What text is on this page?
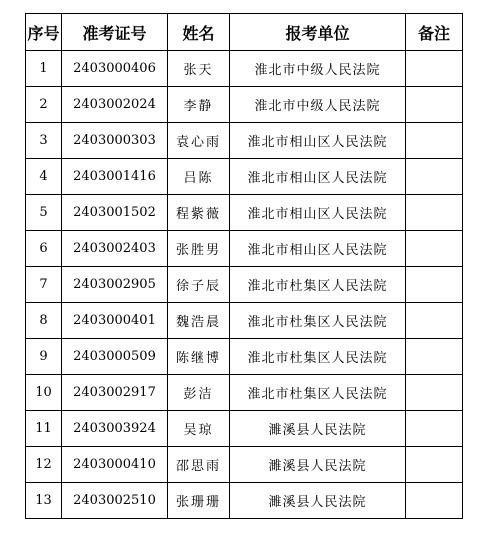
序号	准考证号	姓名	报考单位	备注
1	2403000406	张天	淮北市中级人民法院	
2	2403002024	李静	淮北市中级人民法院	
3	2403000303	袁心雨	淮北市相山区人民法院	
4	2403001416	吕陈	淮北市相山区人民法院	
5	2403001502	程紫薇	淮北市相山区人民法院	
6	2403002403	张胜男	淮北市相山区人民法院	
7	2403002905	徐子辰	淮北市杜集区人民法院	
8	2403000401	魏浩晨	淮北市杜集区人民法院	
9	2403000509	陈继博	淮北市杜集区人民法院	
10	2403002917	彭洁	淮北市杜集区人民法院	
11	2403003924	吴琼	濉溪县人民法院	
12	2403000410	邵思雨	濉溪县人民法院	
13	2403002510	张珊珊	濉溪县人民法院	
